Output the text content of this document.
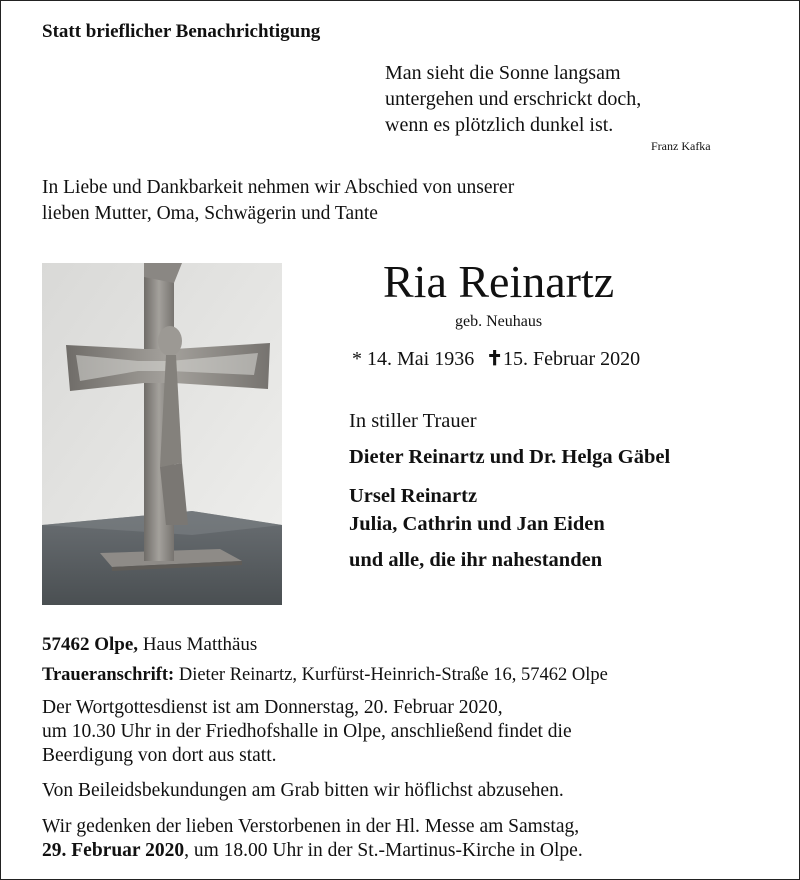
Statt brieflicher Benachrichtigung
Man sieht die Sonne langsam
untergehen und erschrickt doch,
wenn es plötzlich dunkel ist.
Franz Kafka
In Liebe und Dankbarkeit nehmen wir Abschied von unserer
lieben Mutter, Oma, Schwägerin und Tante
Ria Reinartz
geb. Neuhaus
* 14. Mai 1936 ✝15. Februar 2020
In stiller Trauer
Dieter Reinartz und Dr. Helga Gäbel
Ursel Reinartz
Julia, Cathrin und Jan Eiden
und alle, die ihr nahestanden
57462 Olpe, Haus Matthäus
Traueranschrift: Dieter Reinartz, Kurfürst-Heinrich-Straße 16, 57462 Olpe
Der Wortgottesdienst ist am Donnerstag, 20. Februar 2020,
um 10.30 Uhr in der Friedhofshalle in Olpe, anschließend findet die
Beerdigung von dort aus statt.
Von Beileidsbekundungen am Grab bitten wir höflichst abzusehen.
Wir gedenken der lieben Verstorbenen in der Hl. Messe am Samstag,
29. Februar 2020, um 18.00 Uhr in der St.-Martinus-Kirche in Olpe.
